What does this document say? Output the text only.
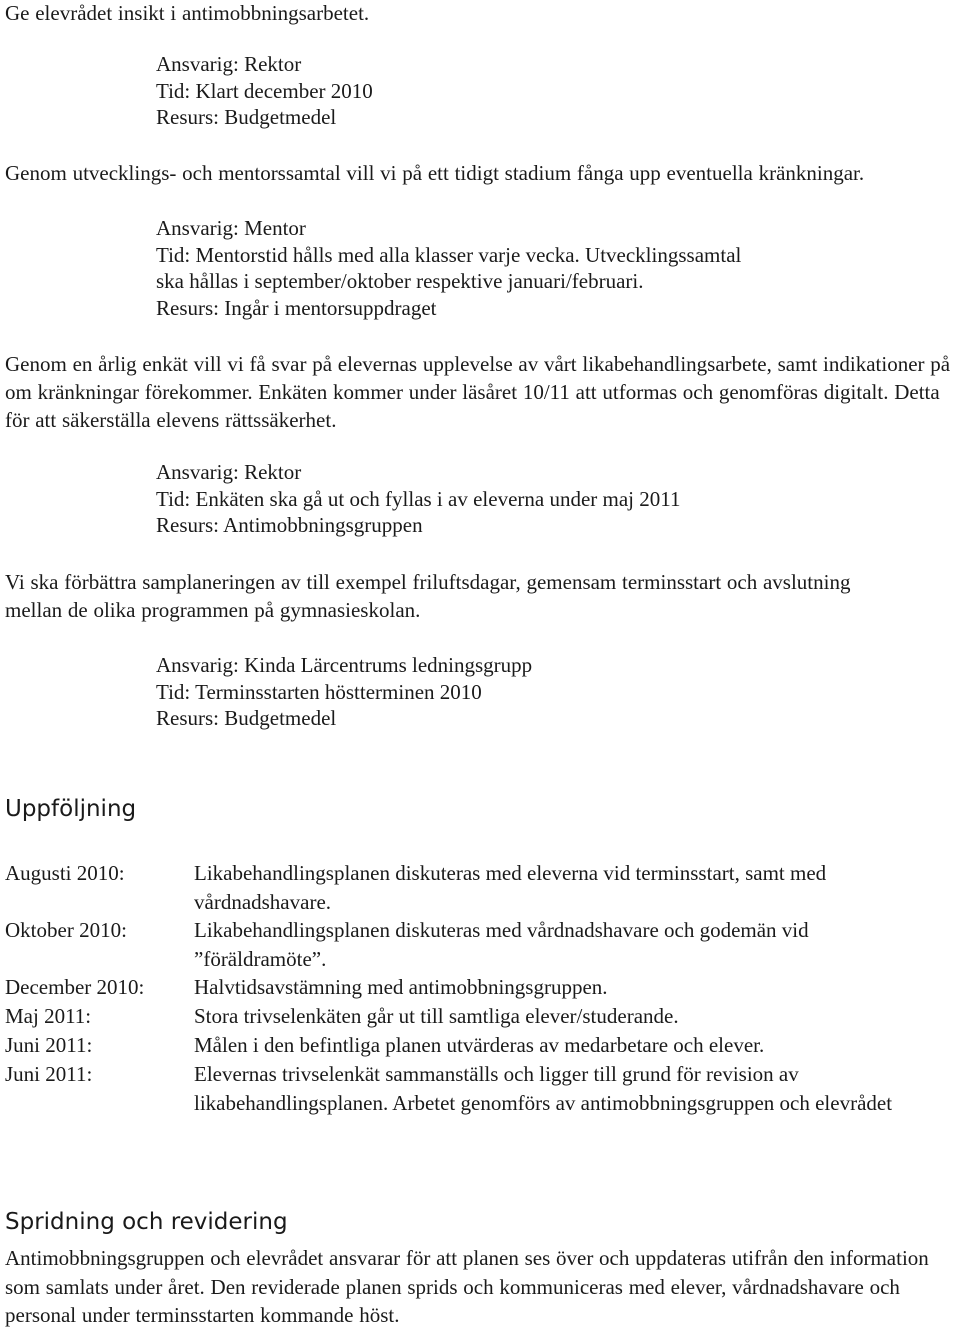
Ge elevrådet insikt i antimobbningsarbetet.

Ansvarig: Rektor
Tid: Klart december 2010
Resurs: Budgetmedel

Genom utvecklings- och mentorssamtal vill vi på ett tidigt stadium fånga upp eventuella kränkningar.

Ansvarig: Mentor
Tid: Mentorstid hålls med alla klasser varje vecka. Utvecklingssamtal
ska hållas i september/oktober respektive januari/februari.
Resurs: Ingår i mentorsuppdraget

Genom en årlig enkät vill vi få svar på elevernas upplevelse av vårt likabehandlingsarbete, samt indikationer på om kränkningar förekommer. Enkäten kommer under läsåret 10/11 att utformas och genomföras digitalt. Detta för att säkerställa elevens rättssäkerhet.

Ansvarig: Rektor
Tid: Enkäten ska gå ut och fyllas i av eleverna under maj 2011
Resurs: Antimobbningsgruppen

Vi ska förbättra samplaneringen av till exempel friluftsdagar, gemensam terminsstart och avslutning mellan de olika programmen på gymnasieskolan.

Ansvarig: Kinda Lärcentrums ledningsgrupp
Tid: Terminsstarten höstterminen 2010
Resurs: Budgetmedel
Uppföljning
Augusti 2010:	Likabehandlingsplanen diskuteras med eleverna vid terminsstart, samt med vårdnadshavare.
Oktober 2010:	Likabehandlingsplanen diskuteras med vårdnadshavare och godemän vid ”föräldramöte”.
December 2010: Halvtidsavstämning med antimobbningsgruppen.
Maj 2011:	Stora trivselenkäten går ut till samtliga elever/studerande.
Juni 2011:	Målen i den befintliga planen utvärderas av medarbetare och elever.
Juni 2011:	Elevernas trivselenkät sammanställs och ligger till grund för revision av likabehandlingsplanen. Arbetet genomförs av antimobbningsgruppen och elevrådet
Spridning och revidering

Antimobbningsgruppen och elevrådet ansvarar för att planen ses över och uppdateras utifrån den information som samlats under året. Den reviderade planen sprids och kommuniceras med elever, vårdnadshavare och personal under terminsstarten kommande höst.
